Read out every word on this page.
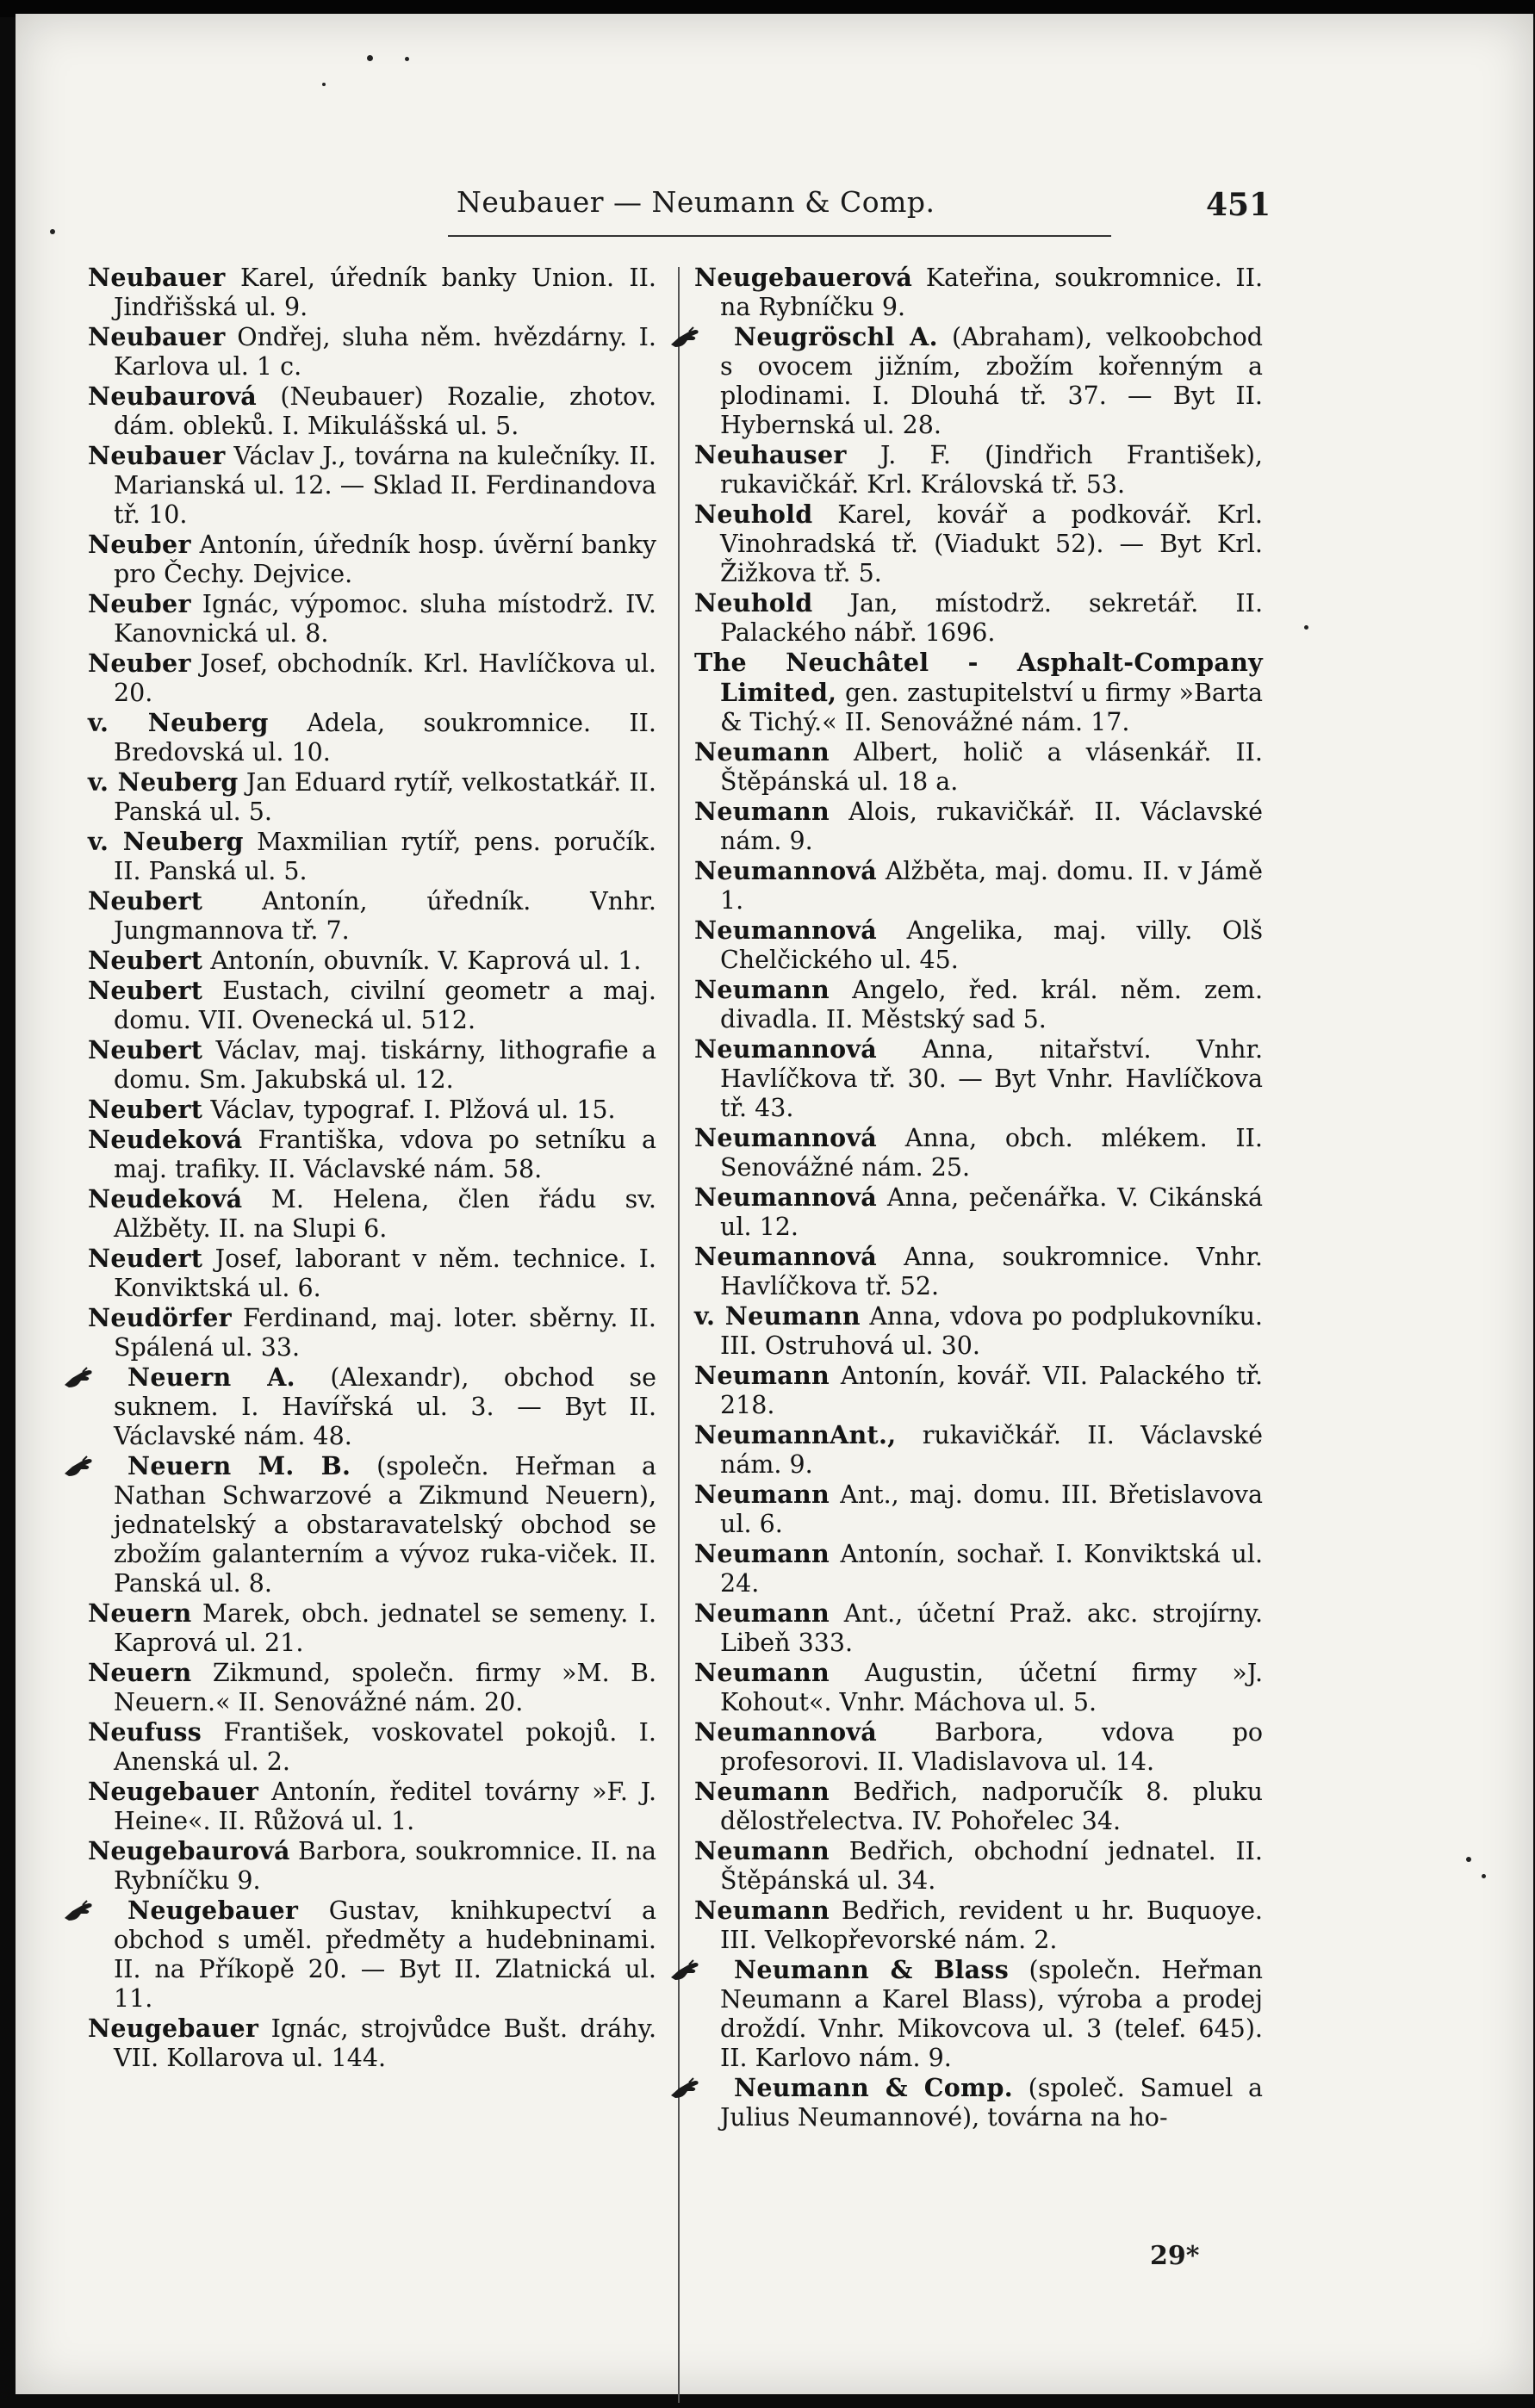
Neubauer — Neumann & Comp.	451
Neubauer Karel, úředník banky Union. II. Jindřišská ul. 9.
Neubauer Ondřej, sluha něm. hvězdárny. I. Karlova ul. 1 c.
Neubaurová (Neubauer) Rozalie, zhotov. dám. obleků. I. Mikulášská ul. 5.
Neubauer Václav J., továrna na kulečníky. II. Marianská ul. 12. — Sklad II. Ferdinandova tř. 10.
Neuber Antonín, úředník hosp. úvěrní banky pro Čechy. Dejvice.
Neuber Ignác, výpomoc. sluha místodrž. IV. Kanovnická ul. 8.
Neuber Josef, obchodník. Krl. Havlíčkova ul. 20.
v. Neuberg Adela, soukromnice. II. Bredovská ul. 10.
v. Neuberg Jan Eduard rytíř, velkostatkář. II. Panská ul. 5.
v. Neuberg Maxmilian rytíř, pens. poručík. II. Panská ul. 5.
Neubert Antonín, úředník. Vnhr. Jungmannova tř. 7.
Neubert Antonín, obuvník. V. Kaprová ul. 1.
Neubert Eustach, civilní geometr a maj. domu. VII. Ovenecká ul. 512.
Neubert Václav, maj. tiskárny, lithografie a domu. Sm. Jakubská ul. 12.
Neubert Václav, typograf. I. Plžová ul. 15.
Neudeková Františka, vdova po setníku a maj. trafiky. II. Václavské nám. 58.
Neudeková M. Helena, člen řádu sv. Alžběty. II. na Slupi 6.
Neudert Josef, laborant v něm. technice. I. Konviktská ul. 6.
Neudörfer Ferdinand, maj. loter. sběrny. II. Spálená ul. 33.
Neuern A. (Alexandr), obchod se suknem. I. Havířská ul. 3. — Byt II. Václavské nám. 48.
Neuern M. B. (společn. Heřman a Nathan Schwarzové a Zikmund Neuern), jednatelský a obstaravatelský obchod se zbožím galanterním a vývoz ruka-viček. II. Panská ul. 8.
Neuern Marek, obch. jednatel se semeny. I. Kaprová ul. 21.
Neuern Zikmund, společn. firmy »M. B. Neuern.« II. Senovážné nám. 20.
Neufuss František, voskovatel pokojů. I. Anenská ul. 2.
Neugebauer Antonín, ředitel továrny »F. J. Heine«. II. Růžová ul. 1.
Neugebaurová Barbora, soukromnice. II. na Rybníčku 9.
Neugebauer Gustav, knihkupectví a obchod s uměl. předměty a hudebninami. II. na Příkopě 20. — Byt II. Zlatnická ul. 11.
Neugebauer Ignác, strojvůdce Bušt. dráhy. VII. Kollarova ul. 144.
Neugebauerová Kateřina, soukromnice. II. na Rybníčku 9.
Neugröschl A. (Abraham), velkoobchod s ovocem jižním, zbožím kořenným a plodinami. I. Dlouhá tř. 37. — Byt II. Hybernská ul. 28.
Neuhauser J. F. (Jindřich František), rukavičkář. Krl. Královská tř. 53.
Neuhold Karel, kovář a podkovář. Krl. Vinohradská tř. (Viadukt 52). — Byt Krl. Žižkova tř. 5.
Neuhold Jan, místodrž. sekretář. II. Palackého nábř. 1696.
The Neuchâtel - Asphalt-Company Limited, gen. zastupitelství u firmy »Barta & Tichý.« II. Senovážné nám. 17.
Neumann Albert, holič a vlásenkář. II. Štěpánská ul. 18 a.
Neumann Alois, rukavičkář. II. Václavské nám. 9.
Neumannová Alžběta, maj. domu. II. v Jámě 1.
Neumannová Angelika, maj. villy. Olš Chelčického ul. 45.
Neumann Angelo, řed. král. něm. zem. divadla. II. Městský sad 5.
Neumannová Anna, nitařství. Vnhr. Havlíčkova tř. 30. — Byt Vnhr. Havlíčkova tř. 43.
Neumannová Anna, obch. mlékem. II. Senovážné nám. 25.
Neumannová Anna, pečenářka. V. Cikánská ul. 12.
Neumannová Anna, soukromnice. Vnhr. Havlíčkova tř. 52.
v. Neumann Anna, vdova po podplukovníku. III. Ostruhová ul. 30.
Neumann Antonín, kovář. VII. Palackého tř. 218.
NeumannAnt., rukavičkář. II. Václavské nám. 9.
Neumann Ant., maj. domu. III. Břetislavova ul. 6.
Neumann Antonín, sochař. I. Konviktská ul. 24.
Neumann Ant., účetní Praž. akc. strojírny. Libeň 333.
Neumann Augustin, účetní firmy »J. Kohout«. Vnhr. Máchova ul. 5.
Neumannová Barbora, vdova po profesorovi. II. Vladislavova ul. 14.
Neumann Bedřich, nadporučík 8. pluku dělostřelectva. IV. Pohořelec 34.
Neumann Bedřich, obchodní jednatel. II. Štěpánská ul. 34.
Neumann Bedřich, revident u hr. Buquoye. III. Velkopřevorské nám. 2.
Neumann & Blass (společn. Heřman Neumann a Karel Blass), výroba a prodej droždí. Vnhr. Mikovcova ul. 3 (telef. 645). II. Karlovo nám. 9.
Neumann & Comp. (společ. Samuel a Julius Neumannové), továrna na ho-
29*
